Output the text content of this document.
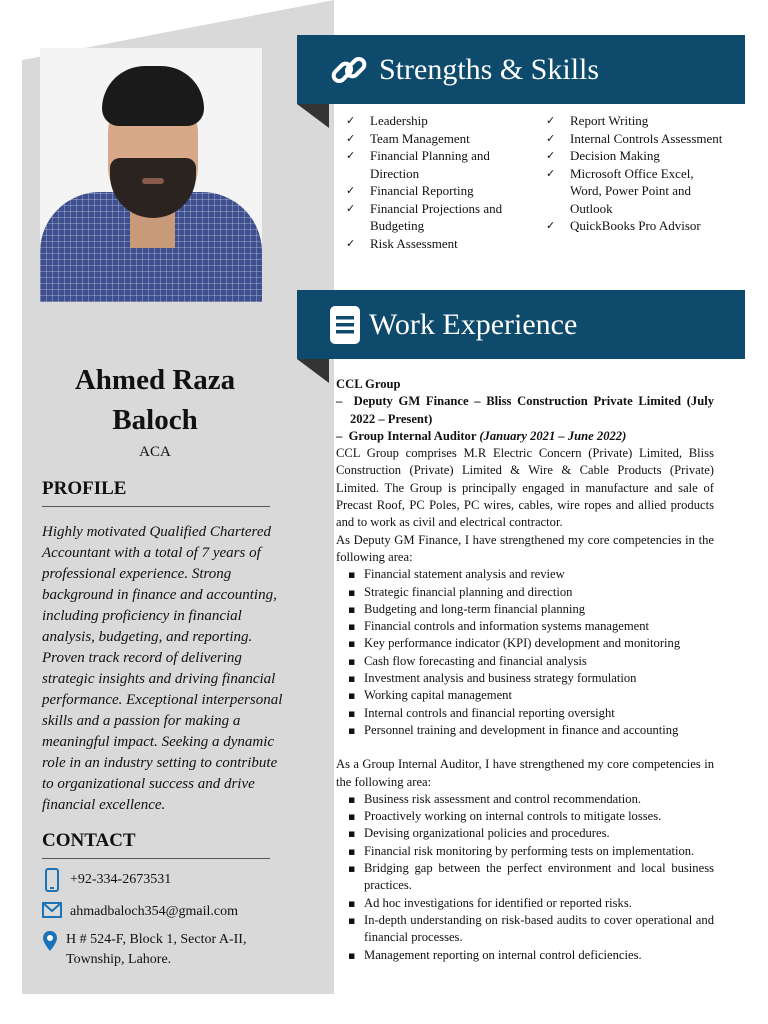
Ahmed Raza
Baloch
ACA
PROFILE
Highly motivated Qualified Chartered Accountant with a total of 7 years of professional experience. Strong background in finance and accounting, including proficiency in financial analysis, budgeting, and reporting. Proven track record of delivering strategic insights and driving financial performance. Exceptional interpersonal skills and a passion for making a meaningful impact. Seeking a dynamic role in an industry setting to contribute to organizational success and drive financial excellence.
CONTACT
+92-334-2673531
ahmadbaloch354@gmail.com
H # 524-F, Block 1, Sector A-II, Township, Lahore.
Strengths & Skills
✓ Leadership
✓ Team Management
✓ Financial Planning and Direction
✓ Financial Reporting
✓ Financial Projections and Budgeting
✓ Risk Assessment
✓ Report Writing
✓ Internal Controls Assessment
✓ Decision Making
✓ Microsoft Office Excel, Word, Power Point and Outlook
✓ QuickBooks Pro Advisor
Work Experience

CCL Group

–  Deputy GM Finance – Bliss Construction Private Limited (July 2022 – Present)

–  Group Internal Auditor (January 2021 – June 2022)

CCL Group comprises M.R Electric Concern (Private) Limited, Bliss Construction (Private) Limited & Wire & Cable Products (Private) Limited. The Group is principally engaged in manufacture and sale of Precast Roof, PC Poles, PC wires, cables, wire ropes and allied products and to work as civil and electrical contractor.

As Deputy GM Finance, I have strengthened my core competencies in the following area:

▪ Financial statement analysis and review
▪ Strategic financial planning and direction
▪ Budgeting and long-term financial planning
▪ Financial controls and information systems management
▪ Key performance indicator (KPI) development and monitoring
▪ Cash flow forecasting and financial analysis
▪ Investment analysis and business strategy formulation
▪ Working capital management
▪ Internal controls and financial reporting oversight
▪ Personnel training and development in finance and accounting

As a Group Internal Auditor, I have strengthened my core competencies in the following area:

▪ Business risk assessment and control recommendation.
▪ Proactively working on internal controls to mitigate losses.
▪ Devising organizational policies and procedures.
▪ Financial risk monitoring by performing tests on implementation.
▪ Bridging gap between the perfect environment and local business practices.
▪ Ad hoc investigations for identified or reported risks.
▪ In-depth understanding on risk-based audits to cover operational and financial processes.
▪ Management reporting on internal control deficiencies.
